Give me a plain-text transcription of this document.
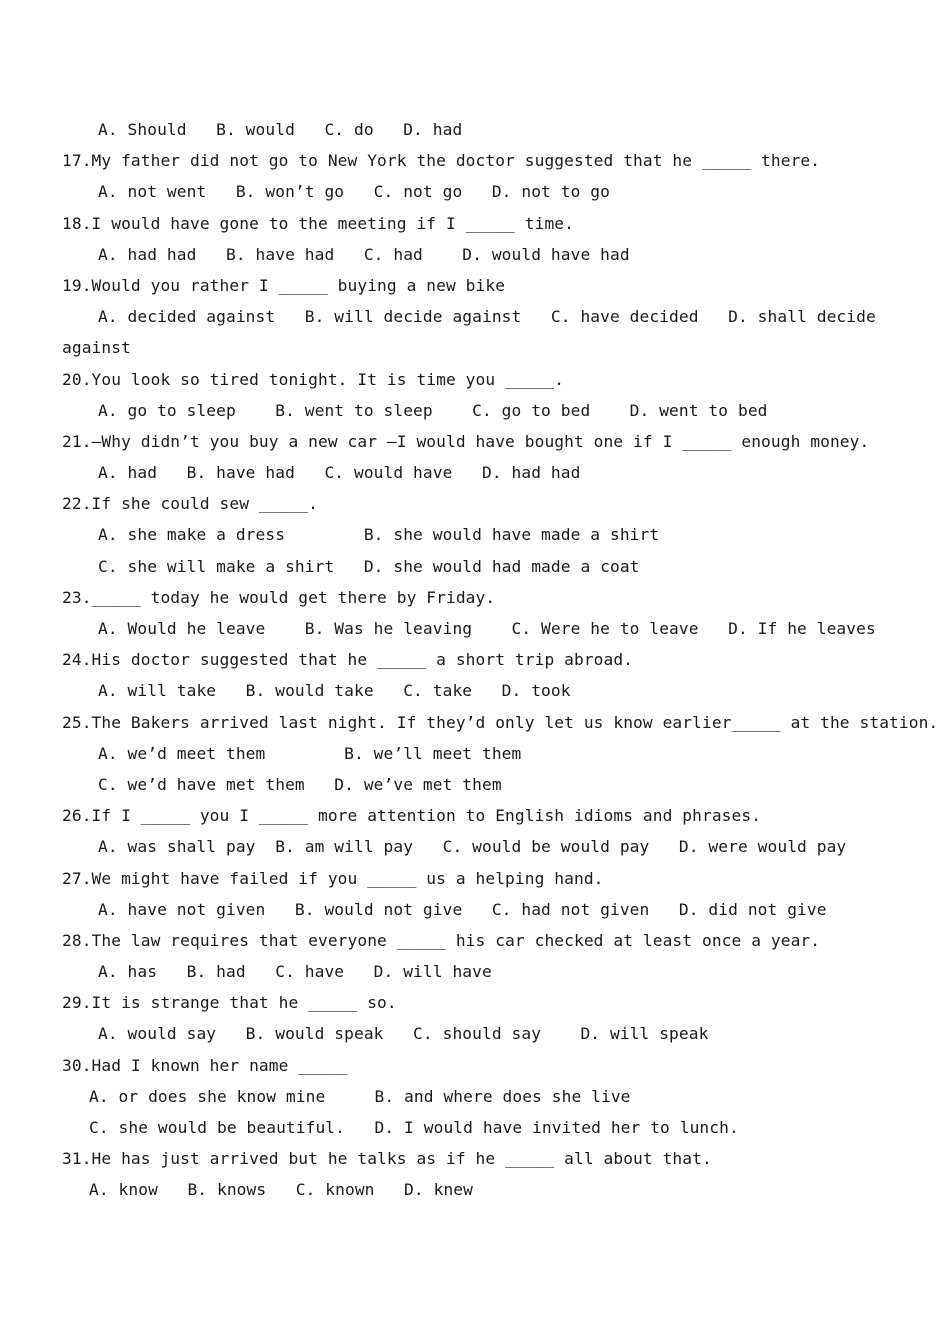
A. Should   B. would   C. do   D. had
17.My father did not go to New York the doctor suggested that he _____ there.
A. not went   B. won’t go   C. not go   D. not to go
18.I would have gone to the meeting if I _____ time.
A. had had   B. have had   C. had    D. would have had
19.Would you rather I _____ buying a new bike
A. decided against   B. will decide against   C. have decided   D. shall decide
against
20.You look so tired tonight. It is time you _____.
A. go to sleep    B. went to sleep    C. go to bed    D. went to bed
21.—Why didn’t you buy a new car —I would have bought one if I _____ enough money.
A. had   B. have had   C. would have   D. had had
22.If she could sew _____.
A. she make a dress        B. she would have made a shirt
C. she will make a shirt   D. she would had made a coat
23._____ today he would get there by Friday.
A. Would he leave    B. Was he leaving    C. Were he to leave   D. If he leaves
24.His doctor suggested that he _____ a short trip abroad.
A. will take   B. would take   C. take   D. took
25.The Bakers arrived last night. If they’d only let us know earlier_____ at the station.
A. we’d meet them        B. we’ll meet them
C. we’d have met them   D. we’ve met them
26.If I _____ you I _____ more attention to English idioms and phrases.
A. was shall pay  B. am will pay   C. would be would pay   D. were would pay
27.We might have failed if you _____ us a helping hand.
A. have not given   B. would not give   C. had not given   D. did not give
28.The law requires that everyone _____ his car checked at least once a year.
A. has   B. had   C. have   D. will have
29.It is strange that he _____ so.
A. would say   B. would speak   C. should say    D. will speak
30.Had I known her name _____
A. or does she know mine     B. and where does she live
C. she would be beautiful.   D. I would have invited her to lunch.
31.He has just arrived but he talks as if he _____ all about that.
A. know   B. knows   C. known   D. knew
